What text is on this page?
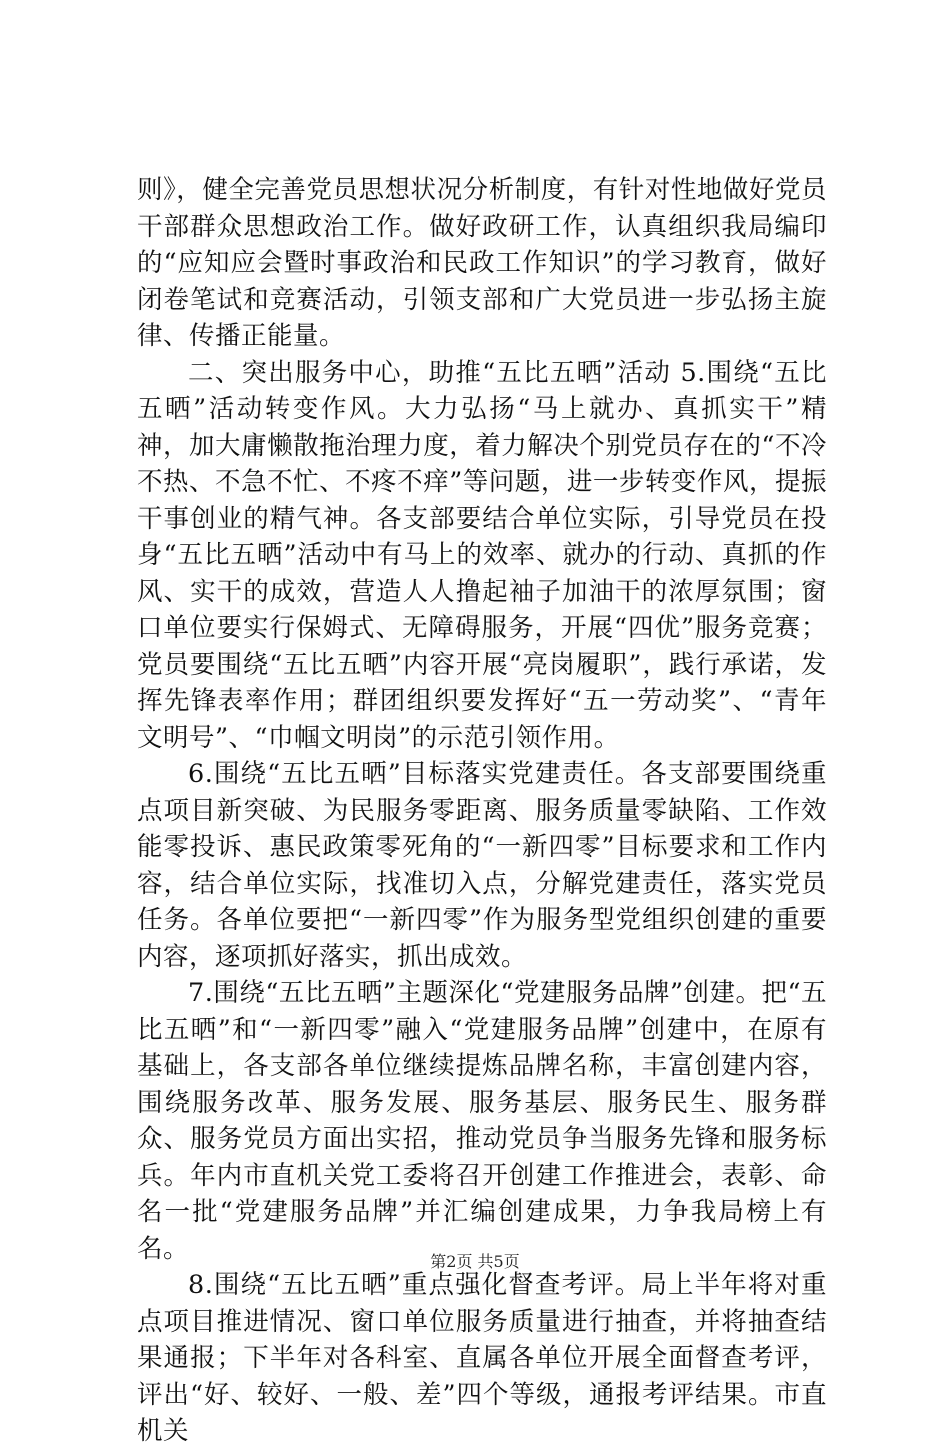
则》，健全完善党员思想状况分析制度，有针对性地做好党员干部群众思想政治工作。做好政研工作，认真组织我局编印的“应知应会暨时事政治和民政工作知识”的学习教育，做好闭卷笔试和竞赛活动，引领支部和广大党员进一步弘扬主旋律、传播正能量。

二、突出服务中心，助推“五比五晒”活动 5.围绕“五比五晒”活动转变作风。大力弘扬“马上就办、真抓实干”精神，加大庸懒散拖治理力度，着力解决个别党员存在的“不冷不热、不急不忙、不疼不痒”等问题，进一步转变作风，提振干事创业的精气神。各支部要结合单位实际，引导党员在投身“五比五晒”活动中有马上的效率、就办的行动、真抓的作风、实干的成效，营造人人撸起袖子加油干的浓厚氛围；窗口单位要实行保姆式、无障碍服务，开展“四优”服务竞赛；党员要围绕“五比五晒”内容开展“亮岗履职”，践行承诺，发挥先锋表率作用；群团组织要发挥好“五一劳动奖”、“青年文明号”、“巾帼文明岗”的示范引领作用。

6.围绕“五比五晒”目标落实党建责任。各支部要围绕重点项目新突破、为民服务零距离、服务质量零缺陷、工作效能零投诉、惠民政策零死角的“一新四零”目标要求和工作内容，结合单位实际，找准切入点，分解党建责任，落实党员任务。各单位要把“一新四零”作为服务型党组织创建的重要内容，逐项抓好落实，抓出成效。

7.围绕“五比五晒”主题深化“党建服务品牌”创建。把“五比五晒”和“一新四零”融入“党建服务品牌”创建中，在原有基础上，各支部各单位继续提炼品牌名称，丰富创建内容，围绕服务改革、服务发展、服务基层、服务民生、服务群众、服务党员方面出实招，推动党员争当服务先锋和服务标兵。年内市直机关党工委将召开创建工作推进会，表彰、命名一批“党建服务品牌”并汇编创建成果，力争我局榜上有名。

8.围绕“五比五晒”重点强化督查考评。局上半年将对重点项目推进情况、窗口单位服务质量进行抽查，并将抽查结果通报；下半年对各科室、直属各单位开展全面督查考评，评出“好、较好、一般、差”四个等级，通报考评结果。市直机关

第2页 共5页
